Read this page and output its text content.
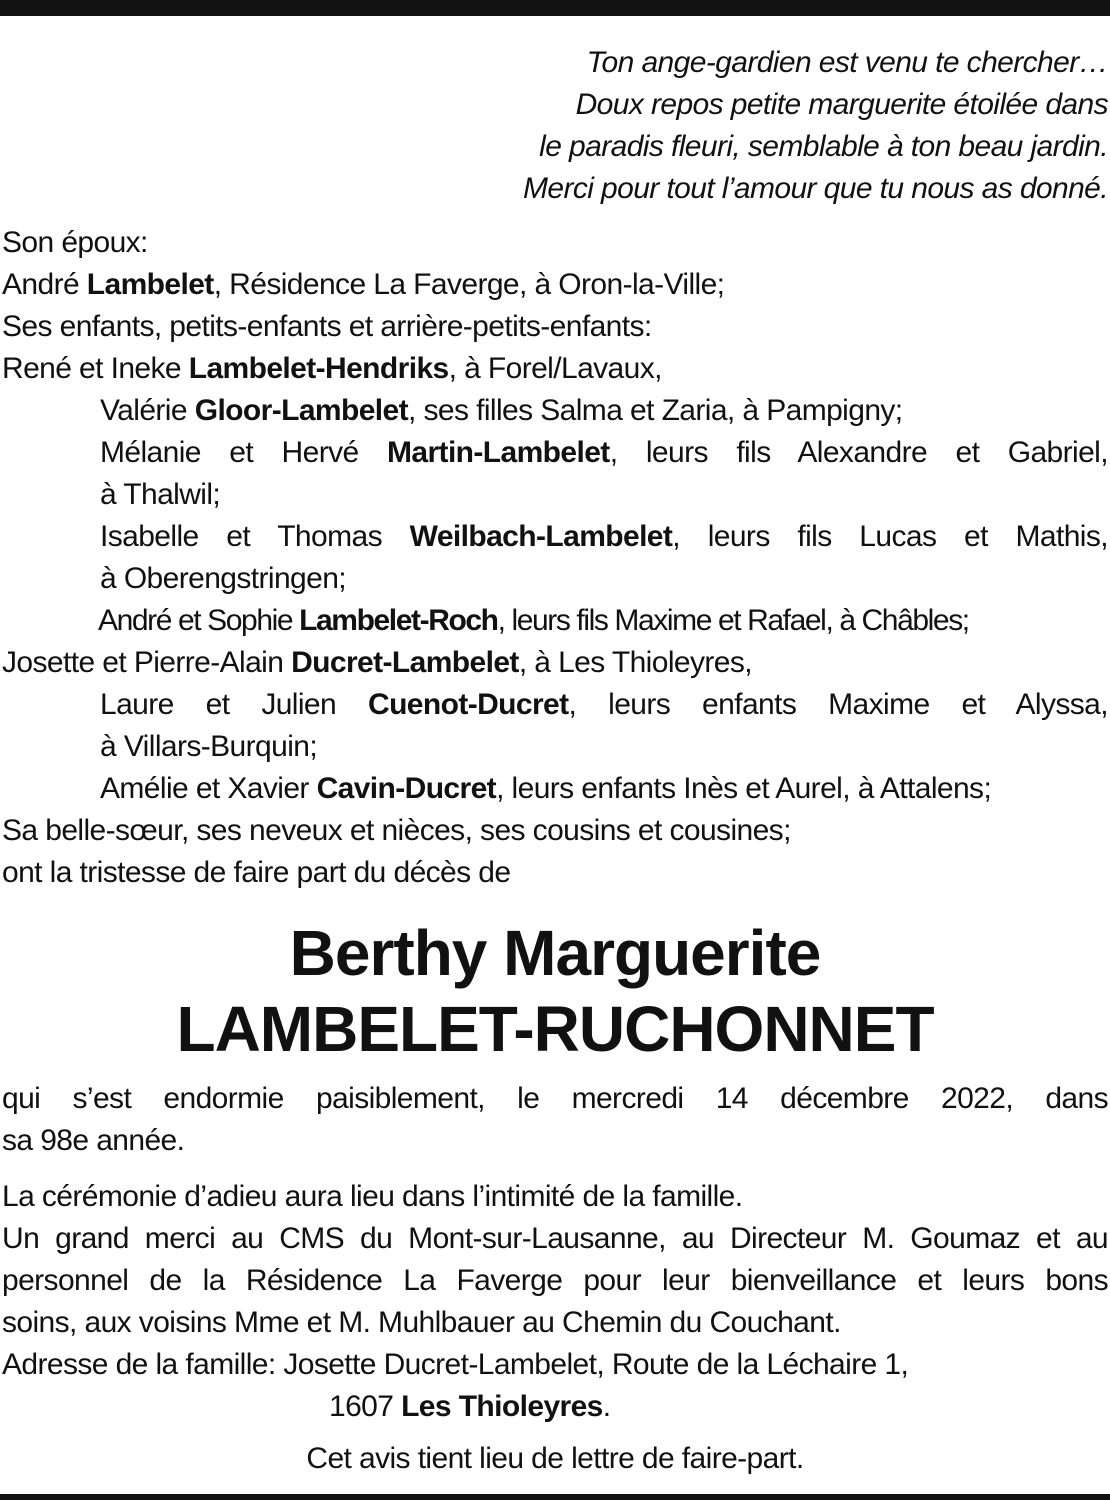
Ton ange-gardien est venu te chercher…
Doux repos petite marguerite étoilée dans
le paradis fleuri, semblable à ton beau jardin.
Merci pour tout l’amour que tu nous as donné.
Son époux:
André Lambelet, Résidence La Faverge, à Oron-la-Ville;
Ses enfants, petits-enfants et arrière-petits-enfants:
René et Ineke Lambelet-Hendriks, à Forel/Lavaux,
Valérie Gloor-Lambelet, ses filles Salma et Zaria, à Pampigny;
Mélanie et Hervé Martin-Lambelet, leurs fils Alexandre et Gabriel,
à Thalwil;
Isabelle et Thomas Weilbach-Lambelet, leurs fils Lucas et Mathis,
à Oberengstringen;
André et Sophie Lambelet-Roch, leurs fils Maxime et Rafael, à Châbles;
Josette et Pierre-Alain Ducret-Lambelet, à Les Thioleyres,
Laure et Julien Cuenot-Ducret, leurs enfants Maxime et Alyssa,
à Villars-Burquin;
Amélie et Xavier Cavin-Ducret, leurs enfants Inès et Aurel, à Attalens;
Sa belle-sœur, ses neveux et nièces, ses cousins et cousines;
ont la tristesse de faire part du décès de
Berthy Marguerite
LAMBELET-RUCHONNET
qui s’est endormie paisiblement, le mercredi 14 décembre 2022, dans
sa 98e année.
La cérémonie d’adieu aura lieu dans l’intimité de la famille.
Un grand merci au CMS du Mont-sur-Lausanne, au Directeur M. Goumaz et au
personnel de la Résidence La Faverge pour leur bienveillance et leurs bons
soins, aux voisins Mme et M. Muhlbauer au Chemin du Couchant.
Adresse de la famille: Josette Ducret-Lambelet, Route de la Léchaire 1,
1607 Les Thioleyres.
Cet avis tient lieu de lettre de faire-part.
